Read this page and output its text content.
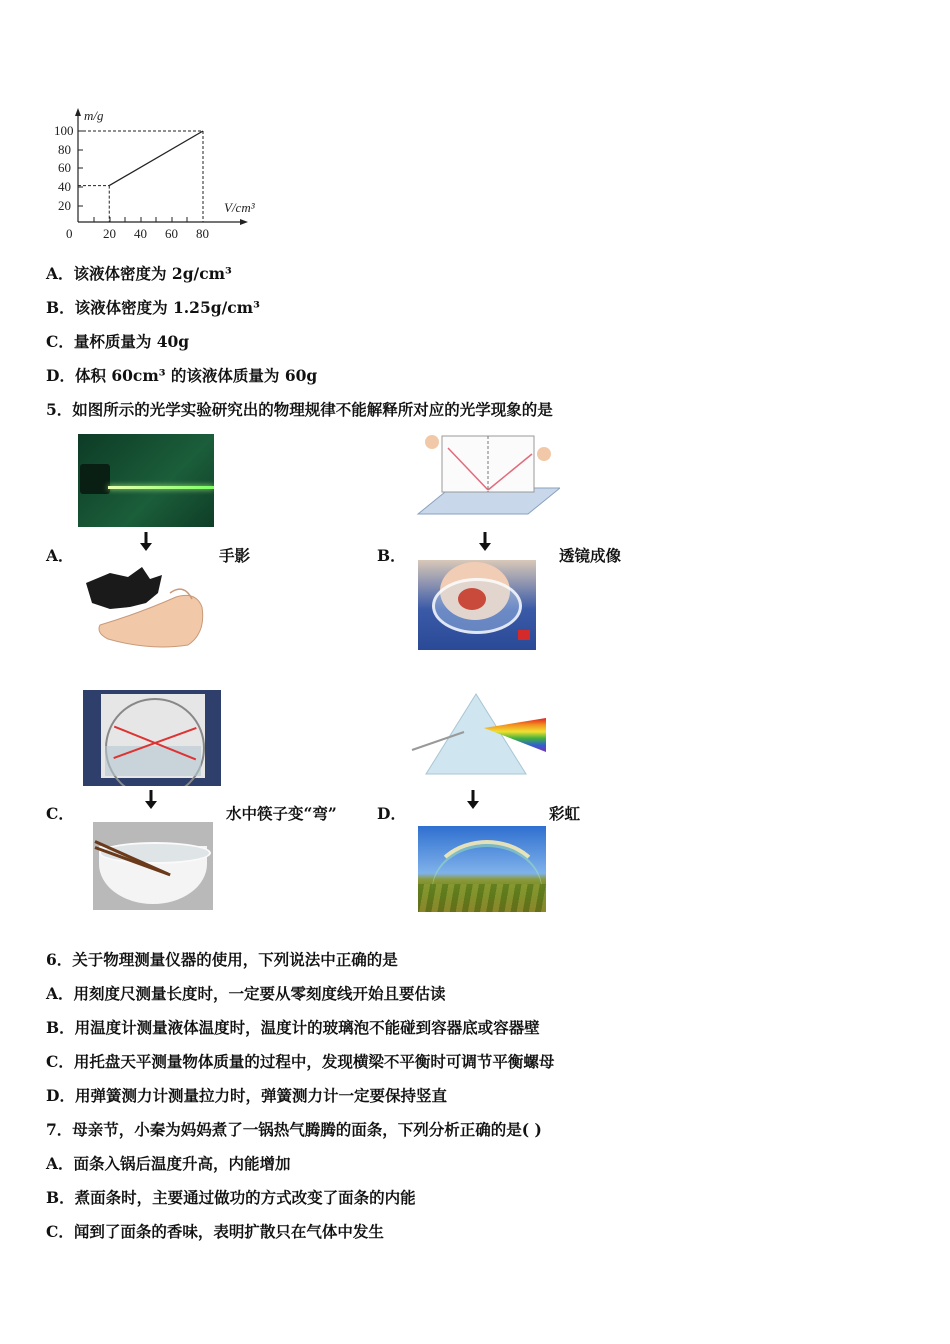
m/g
V/cm³
100
80
60
40
20
0 20 40 60 80
A．该液体密度为 2g/cm³
B．该液体密度为 1.25g/cm³
C．量杯质量为 40g
D．体积 60cm³ 的该液体质量为 60g
5．如图所示的光学实验研究出的物理规律不能解释所对应的光学现象的是
A．	手影	B．	透镜成像
C．	水中筷子变“弯”	D．	彩虹
6．关于物理测量仪器的使用，下列说法中正确的是
A．用刻度尺测量长度时，一定要从零刻度线开始且要估读
B．用温度计测量液体温度时，温度计的玻璃泡不能碰到容器底或容器壁
C．用托盘天平测量物体质量的过程中，发现横梁不平衡时可调节平衡螺母
D．用弹簧测力计测量拉力时，弹簧测力计一定要保持竖直
7．母亲节，小秦为妈妈煮了一锅热气腾腾的面条，下列分析正确的是( )
A．面条入锅后温度升高，内能增加
B．煮面条时，主要通过做功的方式改变了面条的内能
C．闻到了面条的香味，表明扩散只在气体中发生
